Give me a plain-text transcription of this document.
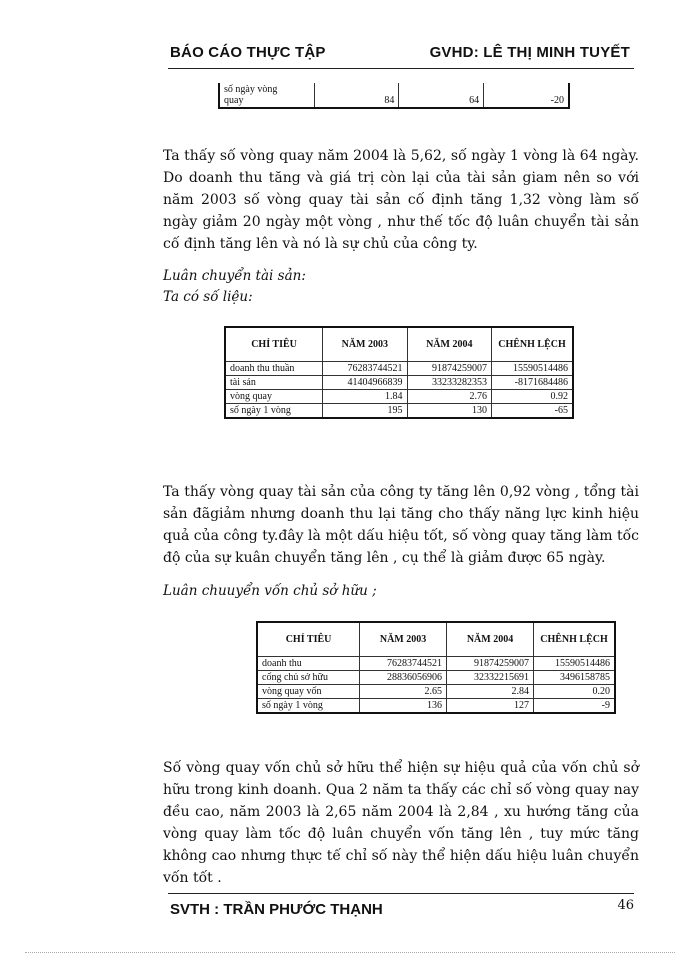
BÁO CÁO THỰC TẬP	GVHD: LÊ THỊ MINH TUYẾT
số ngày vòng
quay	84	64	-20

Ta thấy số vòng quay năm 2004 là 5,62, số ngày 1 vòng là 64 ngày. Do doanh thu tăng và giá trị còn lại của tài sản giam nên so với năm 2003 số vòng quay tài sản cố định tăng 1,32 vòng làm số ngày giảm 20 ngày một vòng , như thế tốc độ luân chuyển tài sản cố định tăng lên và nó là sự chủ của công ty.

Luân chuyển tài sản:

Ta có số liệu:

CHỈ TIÊU	NĂM 2003	NĂM 2004	CHÊNH LỆCH
doanh thu thuần	76283744521	91874259007	15590514486
tài sản	41404966839	33233282353	-8171684486
vòng quay	1.84	2.76	0.92
số ngày 1 vòng	195	130	-65

Ta thấy vòng quay tài sản của công ty tăng lên 0,92 vòng , tổng tài sản đãgiảm nhưng doanh thu lại tăng cho thấy năng lực kinh hiệu quả của công ty.đây là một dấu hiệu tốt, số vòng quay tăng làm tốc độ của sự kuân chuyển tăng lên , cụ thể là giảm được 65 ngày.

Luân chuuyển vốn chủ sở hữu ;

CHỈ TIÊU	NĂM 2003	NĂM 2004	CHÊNH LỆCH
doanh thu	76283744521	91874259007	15590514486
cống chủ sở hữu	28836056906	32332215691	3496158785
vòng quay vốn	2.65	2.84	0.20
số ngày 1 vòng	136	127	-9

Số vòng quay vốn chủ sở hữu thể hiện sự hiệu quả của vốn chủ sở hữu trong kinh doanh. Qua 2 năm ta thấy các chỉ số vòng quay nay đều cao, năm 2003 là 2,65 năm 2004 là 2,84 , xu hướng tăng của vòng quay làm tốc độ luân chuyển vốn tăng lên , tuy mức tăng không cao nhưng thực tế chỉ số này thể hiện dấu hiệu luân chuyển vốn tốt .

SVTH : TRẦN PHƯỚC THẠNH	46
